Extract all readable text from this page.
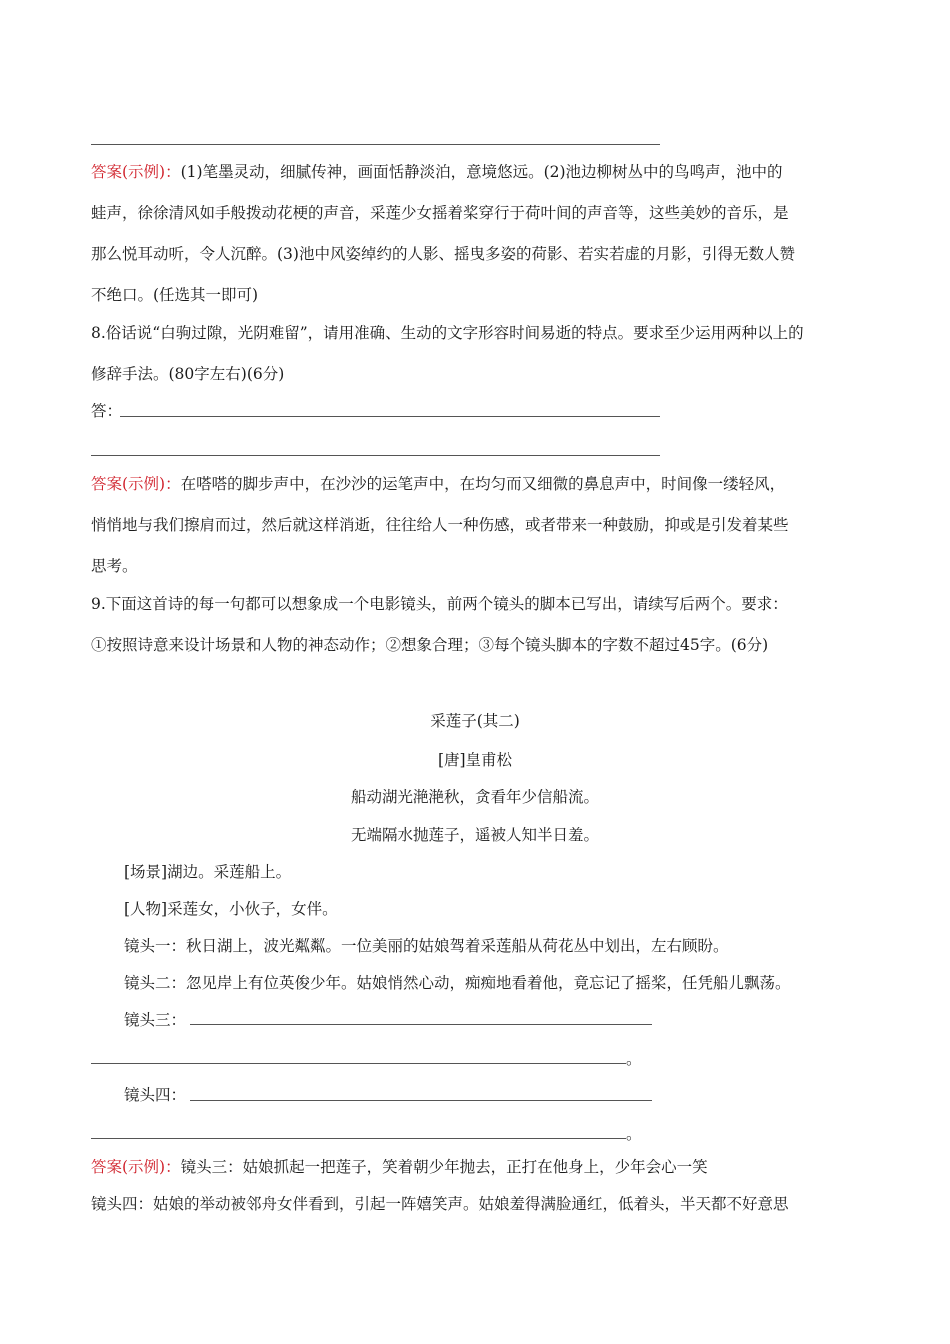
答案(示例)：(1)笔墨灵动，细腻传神，画面恬静淡泊，意境悠远。(2)池边柳树丛中的鸟鸣声，池中的
蛙声，徐徐清风如手般拨动花梗的声音，采莲少女摇着桨穿行于荷叶间的声音等，这些美妙的音乐，是
那么悦耳动听，令人沉醉。(3)池中风姿绰约的人影、摇曳多姿的荷影、若实若虚的月影，引得无数人赞
不绝口。(任选其一即可)
8.俗话说“白驹过隙，光阴难留”，请用准确、生动的文字形容时间易逝的特点。要求至少运用两种以上的
修辞手法。(80字左右)(6分)
答：
答案(示例)：在嗒嗒的脚步声中，在沙沙的运笔声中，在均匀而又细微的鼻息声中，时间像一缕轻风，
悄悄地与我们擦肩而过，然后就这样消逝，往往给人一种伤感，或者带来一种鼓励，抑或是引发着某些
思考。
9.下面这首诗的每一句都可以想象成一个电影镜头，前两个镜头的脚本已写出，请续写后两个。要求：
①按照诗意来设计场景和人物的神态动作；②想象合理；③每个镜头脚本的字数不超过45字。(6分)
采莲子(其二)
[唐]皇甫松
船动湖光滟滟秋，贪看年少信船流。
无端隔水抛莲子，遥被人知半日羞。
[场景]湖边。采莲船上。
[人物]采莲女，小伙子，女伴。
镜头一：秋日湖上，波光粼粼。一位美丽的姑娘驾着采莲船从荷花丛中划出，左右顾盼。
镜头二：忽见岸上有位英俊少年。姑娘悄然心动，痴痴地看着他，竟忘记了摇桨，任凭船儿飘荡。
镜头三：
。
镜头四：
。
答案(示例)：镜头三：姑娘抓起一把莲子，笑着朝少年抛去，正打在他身上，少年会心一笑
镜头四：姑娘的举动被邻舟女伴看到，引起一阵嬉笑声。姑娘羞得满脸通红，低着头，半天都不好意思
